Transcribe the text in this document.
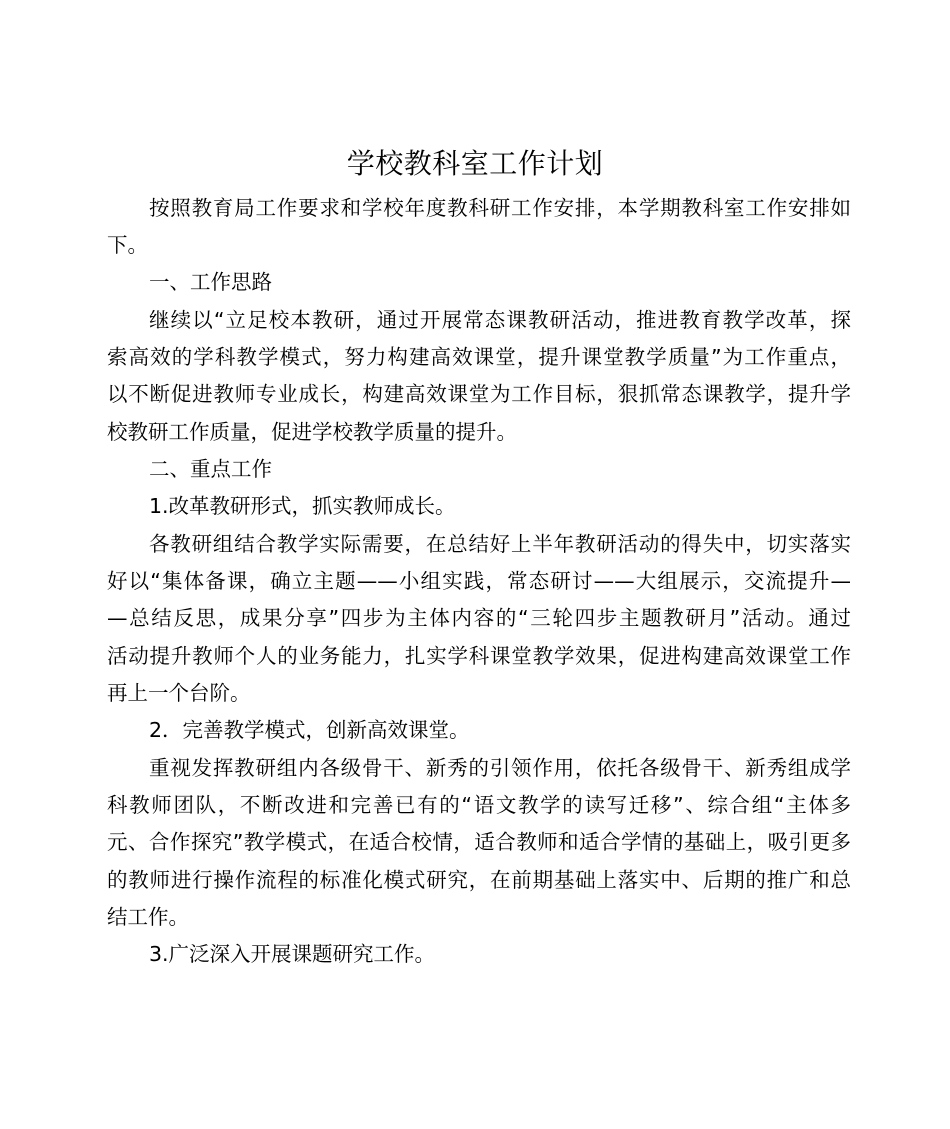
学校教科室工作计划

按照教育局工作要求和学校年度教科研工作安排，本学期教科室工作安排如

下。

一、工作思路

继续以“立足校本教研，通过开展常态课教研活动，推进教育教学改革，探

索高效的学科教学模式，努力构建高效课堂，提升课堂教学质量”为工作重点，

以不断促进教师专业成长，构建高效课堂为工作目标，狠抓常态课教学，提升学

校教研工作质量，促进学校教学质量的提升。

二、重点工作

1.改革教研形式，抓实教师成长。

各教研组结合教学实际需要，在总结好上半年教研活动的得失中，切实落实

好以“集体备课，确立主题——小组实践，常态研讨——大组展示，交流提升—

—总结反思，成果分享”四步为主体内容的“三轮四步主题教研月”活动。通过

活动提升教师个人的业务能力，扎实学科课堂教学效果，促进构建高效课堂工作

再上一个台阶。

2．完善教学模式，创新高效课堂。

重视发挥教研组内各级骨干、新秀的引领作用，依托各级骨干、新秀组成学

科教师团队，不断改进和完善已有的“语文教学的读写迁移”、综合组“主体多

元、合作探究”教学模式，在适合校情，适合教师和适合学情的基础上，吸引更多

的教师进行操作流程的标准化模式研究，在前期基础上落实中、后期的推广和总

结工作。

3.广泛深入开展课题研究工作。
